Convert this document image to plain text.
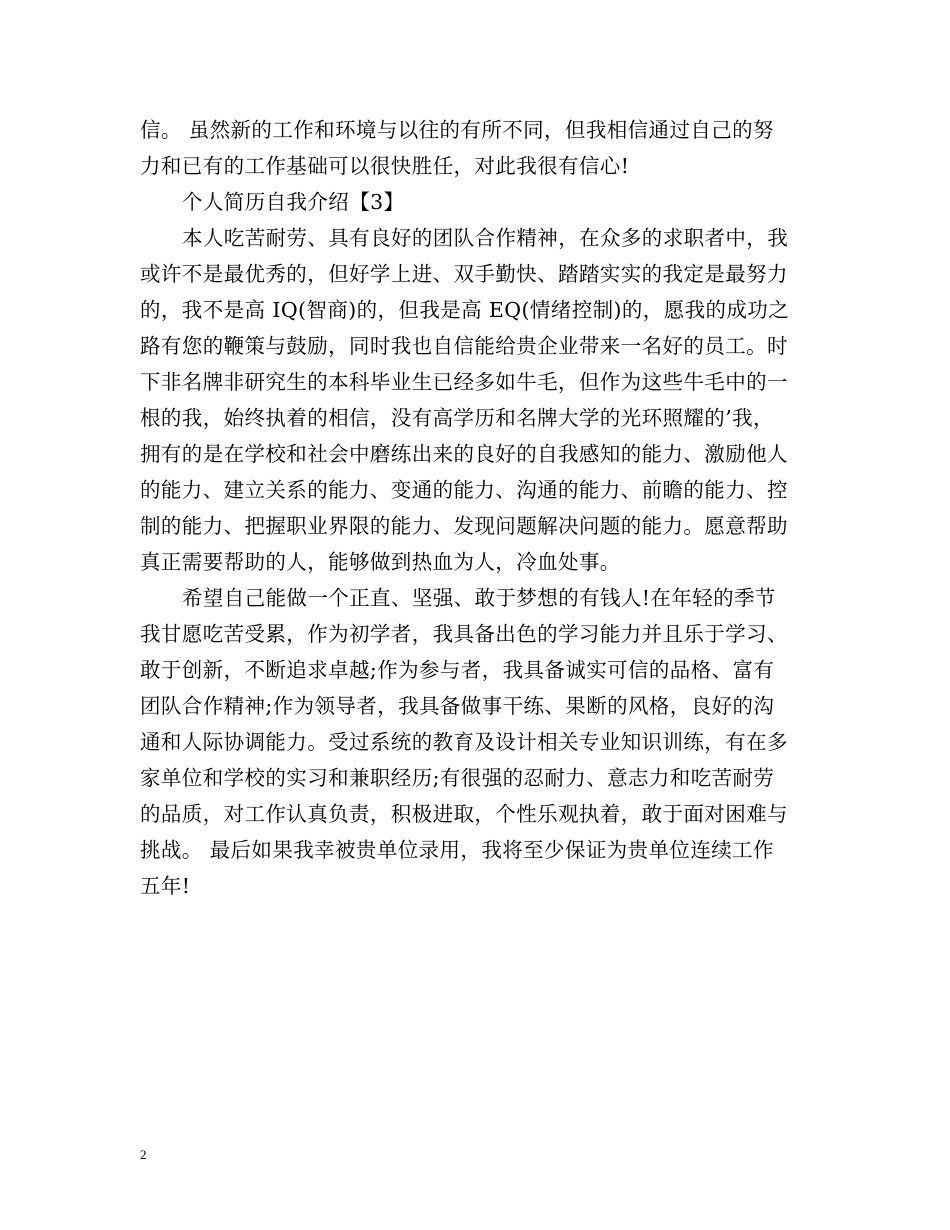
信。 虽然新的工作和环境与以往的有所不同，但我相信通过自己的努
力和已有的工作基础可以很快胜任，对此我很有信心!
个人简历自我介绍【3】
本人吃苦耐劳、具有良好的团队合作精神，在众多的求职者中，我
或许不是最优秀的，但好学上进、双手勤快、踏踏实实的我定是最努力
的，我不是高 IQ(智商)的，但我是高 EQ(情绪控制)的，愿我的成功之
路有您的鞭策与鼓励，同时我也自信能给贵企业带来一名好的员工。时
下非名牌非研究生的本科毕业生已经多如牛毛，但作为这些牛毛中的一
根的我，始终执着的相信，没有高学历和名牌大学的光环照耀的’我，
拥有的是在学校和社会中磨练出来的良好的自我感知的能力、激励他人
的能力、建立关系的能力、变通的能力、沟通的能力、前瞻的能力、控
制的能力、把握职业界限的能力、发现问题解决问题的能力。愿意帮助
真正需要帮助的人，能够做到热血为人，冷血处事。
希望自己能做一个正直、坚强、敢于梦想的有钱人!在年轻的季节
我甘愿吃苦受累，作为初学者，我具备出色的学习能力并且乐于学习、
敢于创新，不断追求卓越;作为参与者，我具备诚实可信的品格、富有
团队合作精神;作为领导者，我具备做事干练、果断的风格，良好的沟
通和人际协调能力。受过系统的教育及设计相关专业知识训练，有在多
家单位和学校的实习和兼职经历;有很强的忍耐力、意志力和吃苦耐劳
的品质，对工作认真负责，积极进取，个性乐观执着，敢于面对困难与
挑战。 最后如果我幸被贵单位录用，我将至少保证为贵单位连续工作
五年!
2
